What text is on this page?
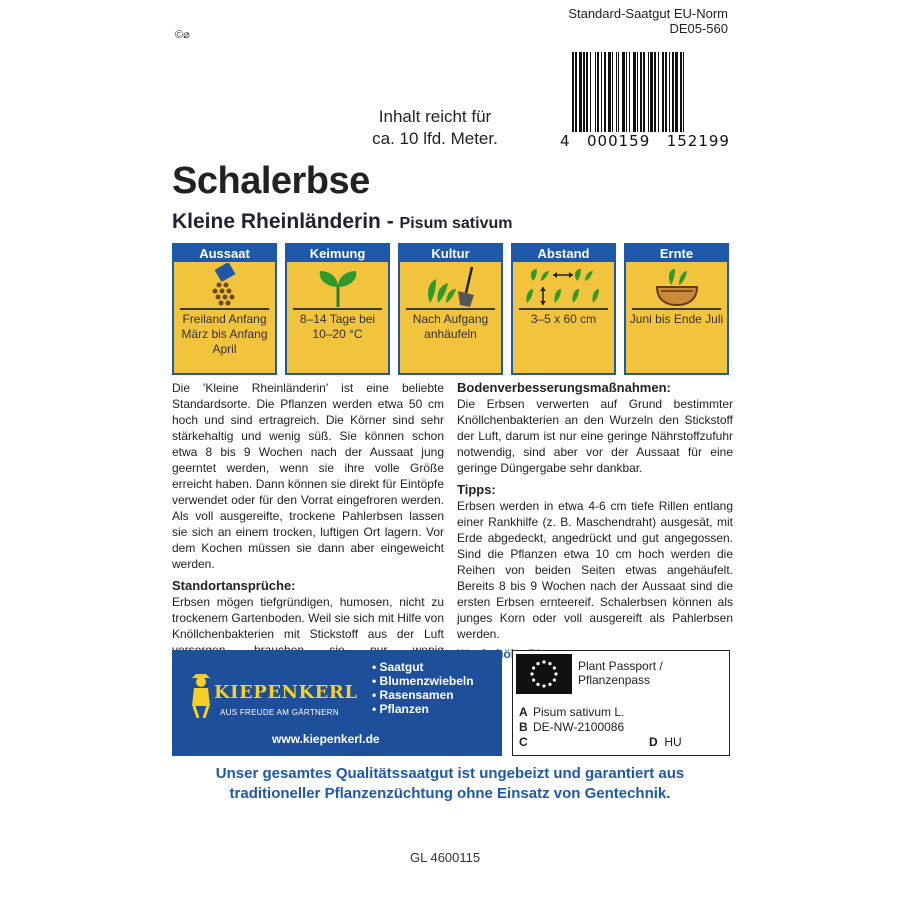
©⌀
Standard-Saatgut EU-Norm
DE05-560
4 000159 152199
Inhalt reicht für
ca. 10 lfd. Meter.
Schalerbse
Kleine Rheinländerin - Pisum sativum
Aussaat
Freiland Anfang März bis Anfang April
Keimung
8–14 Tage bei 10–20 °C
Kultur
Nach Aufgang anhäufeln
Abstand
3–5 x 60 cm
Ernte
Juni bis Ende Juli

Die 'Kleine Rheinländerin' ist eine beliebte Standardsorte. Die Pflanzen werden etwa 50 cm hoch und sind ertragreich. Die Körner sind sehr stärkehaltig und wenig süß. Sie können schon etwa 8 bis 9 Wochen nach der Aussaat jung geerntet werden, wenn sie ihre volle Größe erreicht haben. Dann können sie direkt für Eintöpfe verwendet oder für den Vorrat eingefroren werden. Als voll ausgereifte, trockene Pahlerbsen lassen sie sich an einem trocken, luftigen Ort lagern. Vor dem Kochen müssen sie dann aber eingeweicht werden.

Standortansprüche:

Erbsen mögen tiefgründigen, humosen, nicht zu trockenem Gartenboden. Weil sie sich mit Hilfe von Knöllchenbakterien mit Stickstoff aus der Luft

Bodenverbesserungsmaßnahmen:

Die Erbsen verwerten auf Grund bestimmter Knöllchenbakterien an den Wurzeln den Stickstoff der Luft, darum ist nur eine geringe Nährstoffzufuhr notwendig, sind aber vor der Aussaat für eine geringe Düngergabe sehr dankbar.

Tipps:

Erbsen werden in etwa 4-6 cm tiefe Rillen entlang einer Rankhilfe (z. B. Maschendraht) ausgesät, mit Erde abgedeckt, angedrückt und gut angegossen. Sind die Pflanzen etwa 10 cm hoch werden die Reihen von beiden Seiten etwas angehäufelt. Bereits 8 bis 9 Wochen nach der Aussaat sind die ersten Erbsen ernteereif. Schalerbsen können als junges Korn oder voll ausgereift als Pahlerbsen werden.

KIEPENKERL
AUS FREUDE AM GÄRTNERN
• Saatgut
• Blumenzwiebeln
• Rasensamen
• Pflanzen
www.kiepenkerl.de
Plant Passport /
Pflanzenpass
A Pisum sativum L.
B DE-NW-2100086
C	D HU
Unser gesamtes Qualitätssaatgut ist ungebeizt und garantiert aus
traditioneller Pflanzenzüchtung ohne Einsatz von Gentechnik.
GL 4600115
